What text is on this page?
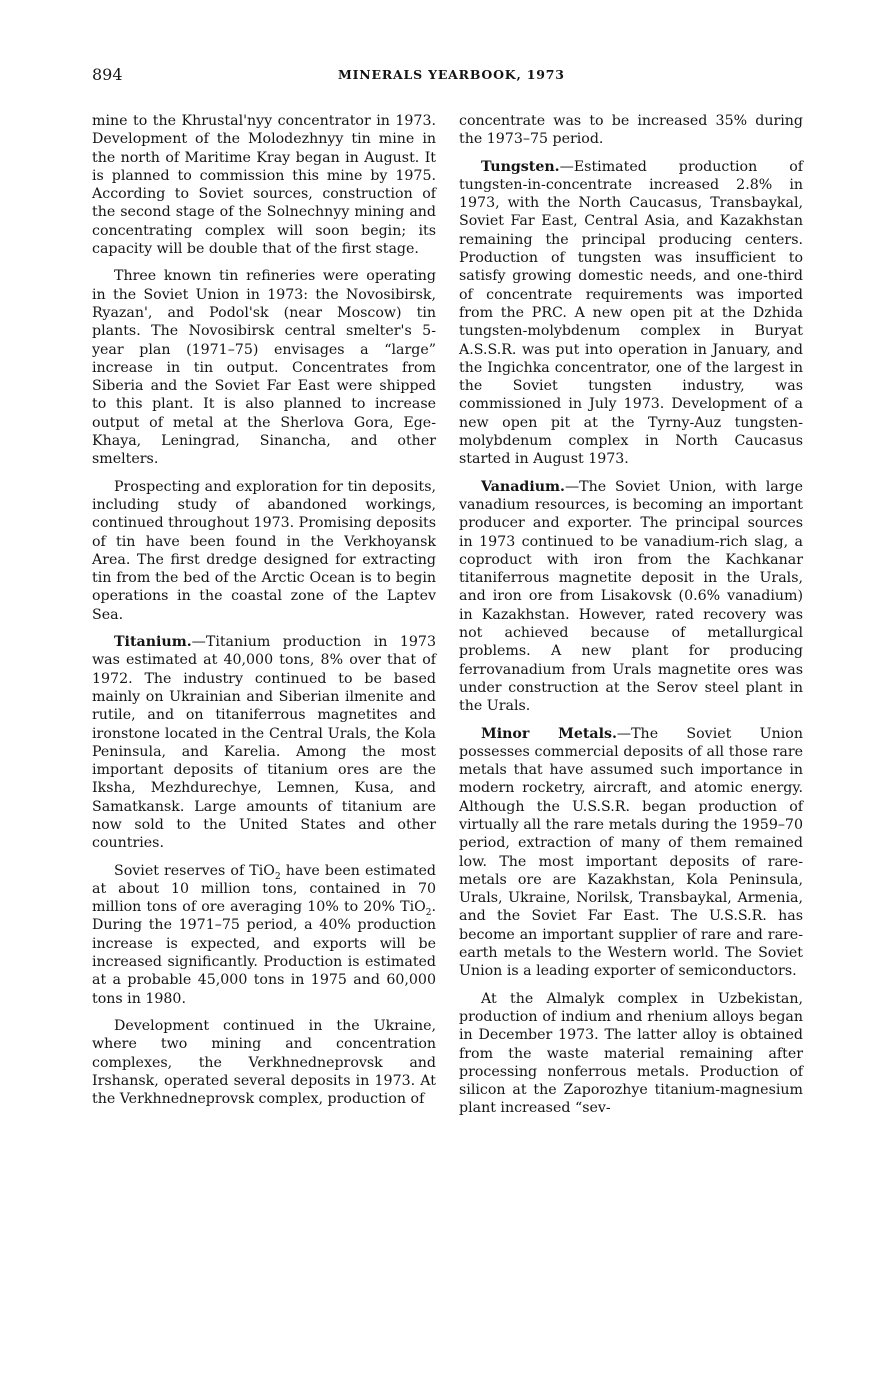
894	MINERALS YEARBOOK, 1973

mine to the Khrustal'nyy concentrator in 1973. Development of the Molodezhnyy tin mine in the north of Maritime Kray began in August. It is planned to commission this mine by 1975. According to Soviet sources, construction of the second stage of the Solnechnyy mining and concentrating complex will soon begin; its capacity will be double that of the first stage.

Three known tin refineries were operating in the Soviet Union in 1973: the Novosibirsk, Ryazan', and Podol'sk (near Moscow) tin plants. The Novosibirsk central smelter's 5-year plan (1971–75) envisages a “large” increase in tin output. Concentrates from Siberia and the Soviet Far East were shipped to this plant. It is also planned to increase output of metal at the Sherlova Gora, Ege-Khaya, Leningrad, Sinancha, and other smelters.

Prospecting and exploration for tin deposits, including study of abandoned workings, continued throughout 1973. Promising deposits of tin have been found in the Verkhoyansk Area. The first dredge designed for extracting tin from the bed of the Arctic Ocean is to begin operations in the coastal zone of the Laptev Sea.

Titanium.—Titanium production in 1973 was estimated at 40,000 tons, 8% over that of 1972. The industry continued to be based mainly on Ukrainian and Siberian ilmenite and rutile, and on titaniferrous magnetites and ironstone located in the Central Urals, the Kola Peninsula, and Karelia. Among the most important deposits of titanium ores are the Iksha, Mezhdurechye, Lemnen, Kusa, and Samatkansk. Large amounts of titanium are now sold to the United States and other countries.

Soviet reserves of TiO$_2$ have been estimated at about 10 million tons, contained in 70 million tons of ore averaging 10% to 20% TiO$_2$. During the 1971–75 period, a 40% production increase is expected, and exports will be increased significantly. Production is estimated at a probable 45,000 tons in 1975 and 60,000 tons in 1980.

Development continued in the Ukraine, where two mining and concentration complexes, the Verkhnedneprovsk and Irshansk, operated several deposits in 1973. At the Verkhnedneprovsk complex, production of

concentrate was to be increased 35% during the 1973–75 period.

Tungsten.—Estimated production of tungsten-in-concentrate increased 2.8% in 1973, with the North Caucasus, Transbaykal, Soviet Far East, Central Asia, and Kazakhstan remaining the principal producing centers. Production of tungsten was insufficient to satisfy growing domestic needs, and one-third of concentrate requirements was imported from the PRC. A new open pit at the Dzhida tungsten-molybdenum complex in Buryat A.S.S.R. was put into operation in January, and the Ingichka concentrator, one of the largest in the Soviet tungsten industry, was commissioned in July 1973. Development of a new open pit at the Tyrny-Auz tungsten-molybdenum complex in North Caucasus started in August 1973.

Vanadium.—The Soviet Union, with large vanadium resources, is becoming an important producer and exporter. The principal sources in 1973 continued to be vanadium-rich slag, a coproduct with iron from the Kachkanar titaniferrous magnetite deposit in the Urals, and iron ore from Lisakovsk (0.6% vanadium) in Kazakhstan. However, rated recovery was not achieved because of metallurgical problems. A new plant for producing ferrovanadium from Urals magnetite ores was under construction at the Serov steel plant in the Urals.

Minor Metals.—The Soviet Union possesses commercial deposits of all those rare metals that have assumed such importance in modern rocketry, aircraft, and atomic energy. Although the U.S.S.R. began production of virtually all the rare metals during the 1959–70 period, extraction of many of them remained low. The most important deposits of rare-metals ore are Kazakhstan, Kola Peninsula, Urals, Ukraine, Norilsk, Transbaykal, Armenia, and the Soviet Far East. The U.S.S.R. has become an important supplier of rare and rare-earth metals to the Western world. The Soviet Union is a leading exporter of semiconductors.

At the Almalyk complex in Uzbekistan, production of indium and rhenium alloys began in December 1973. The latter alloy is obtained from the waste material remaining after processing nonferrous metals. Production of silicon at the Zaporozhye titanium-magnesium plant increased “sev-
